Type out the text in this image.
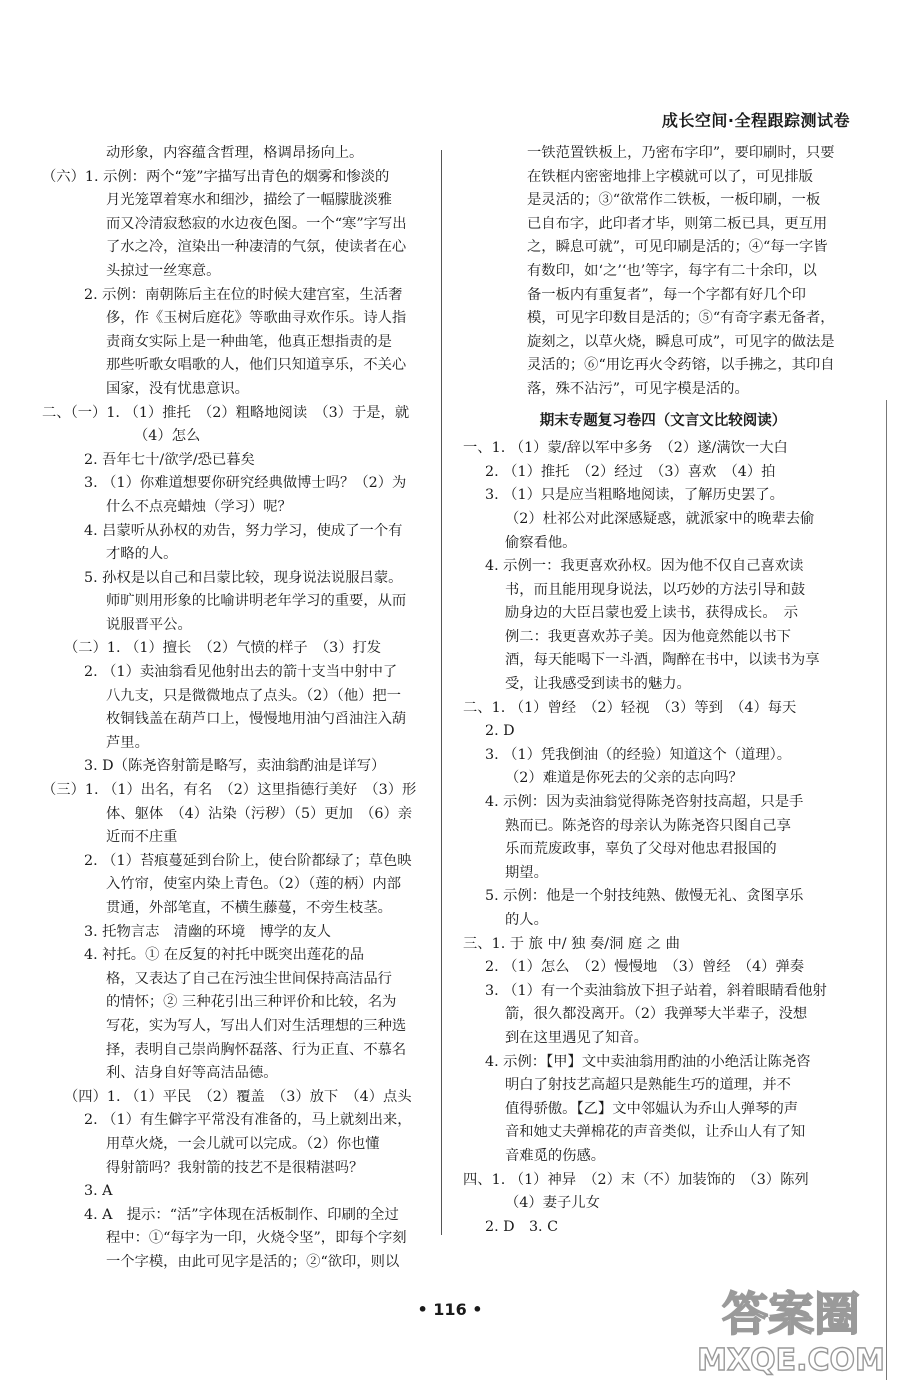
成长空间·全程跟踪测试卷
动形象，内容蕴含哲理，格调昂扬向上。
（六）1. 示例：两个“笼”字描写出青色的烟雾和惨淡的
月光笼罩着寒水和细沙，描绘了一幅朦胧淡雅
而又冷清寂愁寂的水边夜色图。一个“寒”字写出
了水之冷，渲染出一种凄清的气氛，使读者在心
头掠过一丝寒意。
2. 示例：南朝陈后主在位的时候大建宫室，生活奢
侈，作《玉树后庭花》等歌曲寻欢作乐。诗人指
责商女实际上是一种曲笔，他真正想指责的是
那些听歌女唱歌的人，他们只知道享乐，不关心
国家，没有忧患意识。
二、（一）1. （1）推托　（2）粗略地阅读　（3）于是，就
（4）怎么
2. 吾年七十/欲学/恐已暮矣
3. （1）你难道想要你研究经典做博士吗？（2）为
什么不点亮蜡烛（学习）呢？
4. 吕蒙听从孙权的劝告，努力学习，使成了一个有
才略的人。
5. 孙权是以自己和吕蒙比较，现身说法说服吕蒙。
师旷则用形象的比喻讲明老年学习的重要，从而
说服晋平公。
（二）1. （1）擅长　（2）气愤的样子　（3）打发
2. （1）卖油翁看见他射出去的箭十支当中射中了
八九支，只是微微地点了点头。（2）（他）把一
枚铜钱盖在葫芦口上，慢慢地用油勺舀油注入葫
芦里。
3. D（陈尧咨射箭是略写，卖油翁酌油是详写）
（三）1. （1）出名，有名　（2）这里指德行美好　（3）形
体、躯体　（4）沾染（污秽）（5）更加　（6）亲
近而不庄重
2. （1）苔痕蔓延到台阶上，使台阶都绿了；草色映
入竹帘，使室内染上青色。（2）（莲的柄）内部
贯通，外部笔直，不横生藤蔓，不旁生枝茎。
3. 托物言志　清幽的环境　博学的友人
4. 衬托。① 在反复的衬托中既突出莲花的品
格，又表达了自己在污浊尘世间保持高洁品行
的情怀；② 三种花引出三种评价和比较，名为
写花，实为写人，写出人们对生活理想的三种选
择，表明自己崇尚胸怀磊落、行为正直、不慕名
利、洁身自好等高洁品德。
（四）1. （1）平民　（2）覆盖　（3）放下　（4）点头
2. （1）有生僻字平常没有准备的，马上就刻出来，
用草火烧，一会儿就可以完成。（2）你也懂
得射箭吗？我射箭的技艺不是很精湛吗？
3. A
4. A　提示：“活”字体现在活板制作、印刷的全过
程中：①“每字为一印，火烧令坚”，即每个字刻
一个字模，由此可见字是活的；②“欲印，则以
一铁范置铁板上，乃密布字印”，要印刷时，只要
在铁框内密密地排上字模就可以了，可见排版
是灵活的；③“欲常作二铁板，一板印刷，一板
已自布字，此印者才毕，则第二板已具，更互用
之，瞬息可就”，可见印刷是活的；④“每一字皆
有数印，如‘之’‘也’等字，每字有二十余印，以
备一板内有重复者”，每一个字都有好几个印
模，可见字印数目是活的；⑤“有奇字素无备者，
旋刻之，以草火烧，瞬息可成”，可见字的做法是
灵活的；⑥“用讫再火令药镕，以手拂之，其印自
落，殊不沾污”，可见字模是活的。
期末专题复习卷四（文言文比较阅读）
一、1. （1）蒙/辞以军中多务　（2）遂/满饮一大白
2. （1）推托　（2）经过　（3）喜欢　（4）拍
3. （1）只是应当粗略地阅读，了解历史罢了。
（2）杜祁公对此深感疑惑，就派家中的晚辈去偷
偷察看他。
4. 示例一：我更喜欢孙权。因为他不仅自己喜欢读
书，而且能用现身说法，以巧妙的方法引导和鼓
励身边的大臣吕蒙也爱上读书，获得成长。　示
例二：我更喜欢苏子美。因为他竟然能以书下
酒，每天能喝下一斗酒，陶醉在书中，以读书为享
受，让我感受到读书的魅力。
二、1. （1）曾经　（2）轻视　（3）等到　（4）每天
2. D
3. （1）凭我倒油（的经验）知道这个（道理）。
（2）难道是你死去的父亲的志向吗？
4. 示例：因为卖油翁觉得陈尧咨射技高超，只是手
熟而已。陈尧咨的母亲认为陈尧咨只图自己享
乐而荒废政事，辜负了父母对他忠君报国的
期望。
5. 示例：他是一个射技纯熟、傲慢无礼、贪图享乐
的人。
三、1. 于 旅 中/ 独 奏/洞 庭 之 曲
2. （1）怎么　（2）慢慢地　（3）曾经　（4）弹奏
3. （1）有一个卖油翁放下担子站着，斜着眼睛看他射
箭，很久都没离开。（2）我弹琴大半辈子，没想
到在这里遇见了知音。
4. 示例：【甲】文中卖油翁用酌油的小绝活让陈尧咨
明白了射技艺高超只是熟能生巧的道理，并不
值得骄傲。【乙】文中邻媪认为乔山人弹琴的声
音和她丈夫弹棉花的声音类似，让乔山人有了知
音难觅的伤感。
四、1. （1）神异　（2）末（不）加装饰的　（3）陈列
（4）妻子儿女
2. D　3. C
• 116 •	答案圈
MXQE.COM
